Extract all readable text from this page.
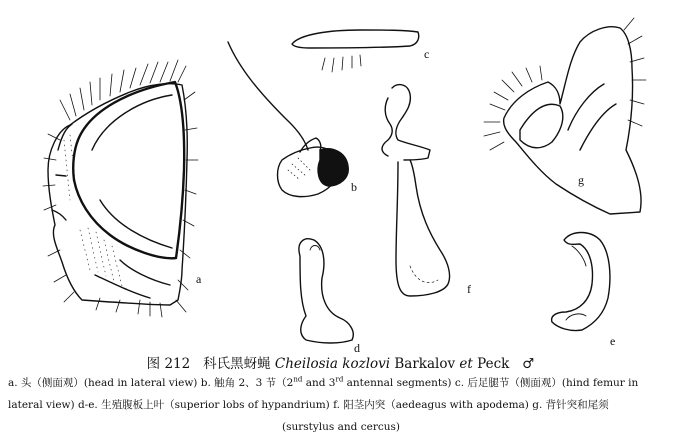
a
b
c
d	e
f
g
图 212 科氏黑蚜蝇 Cheilosia kozlovi Barkalov et Peck ♂
a. 头（侧面观）(head in lateral view) b. 触角 2、3 节（2nd and 3rd antennal segments) c. 后足腿节（侧面观）(hind femur in
lateral view) d-e. 生殖腹板上叶（superior lobs of hypandrium) f. 阳茎内突（aedeagus with apodema) g. 背针突和尾须
(surstylus and cercus)
